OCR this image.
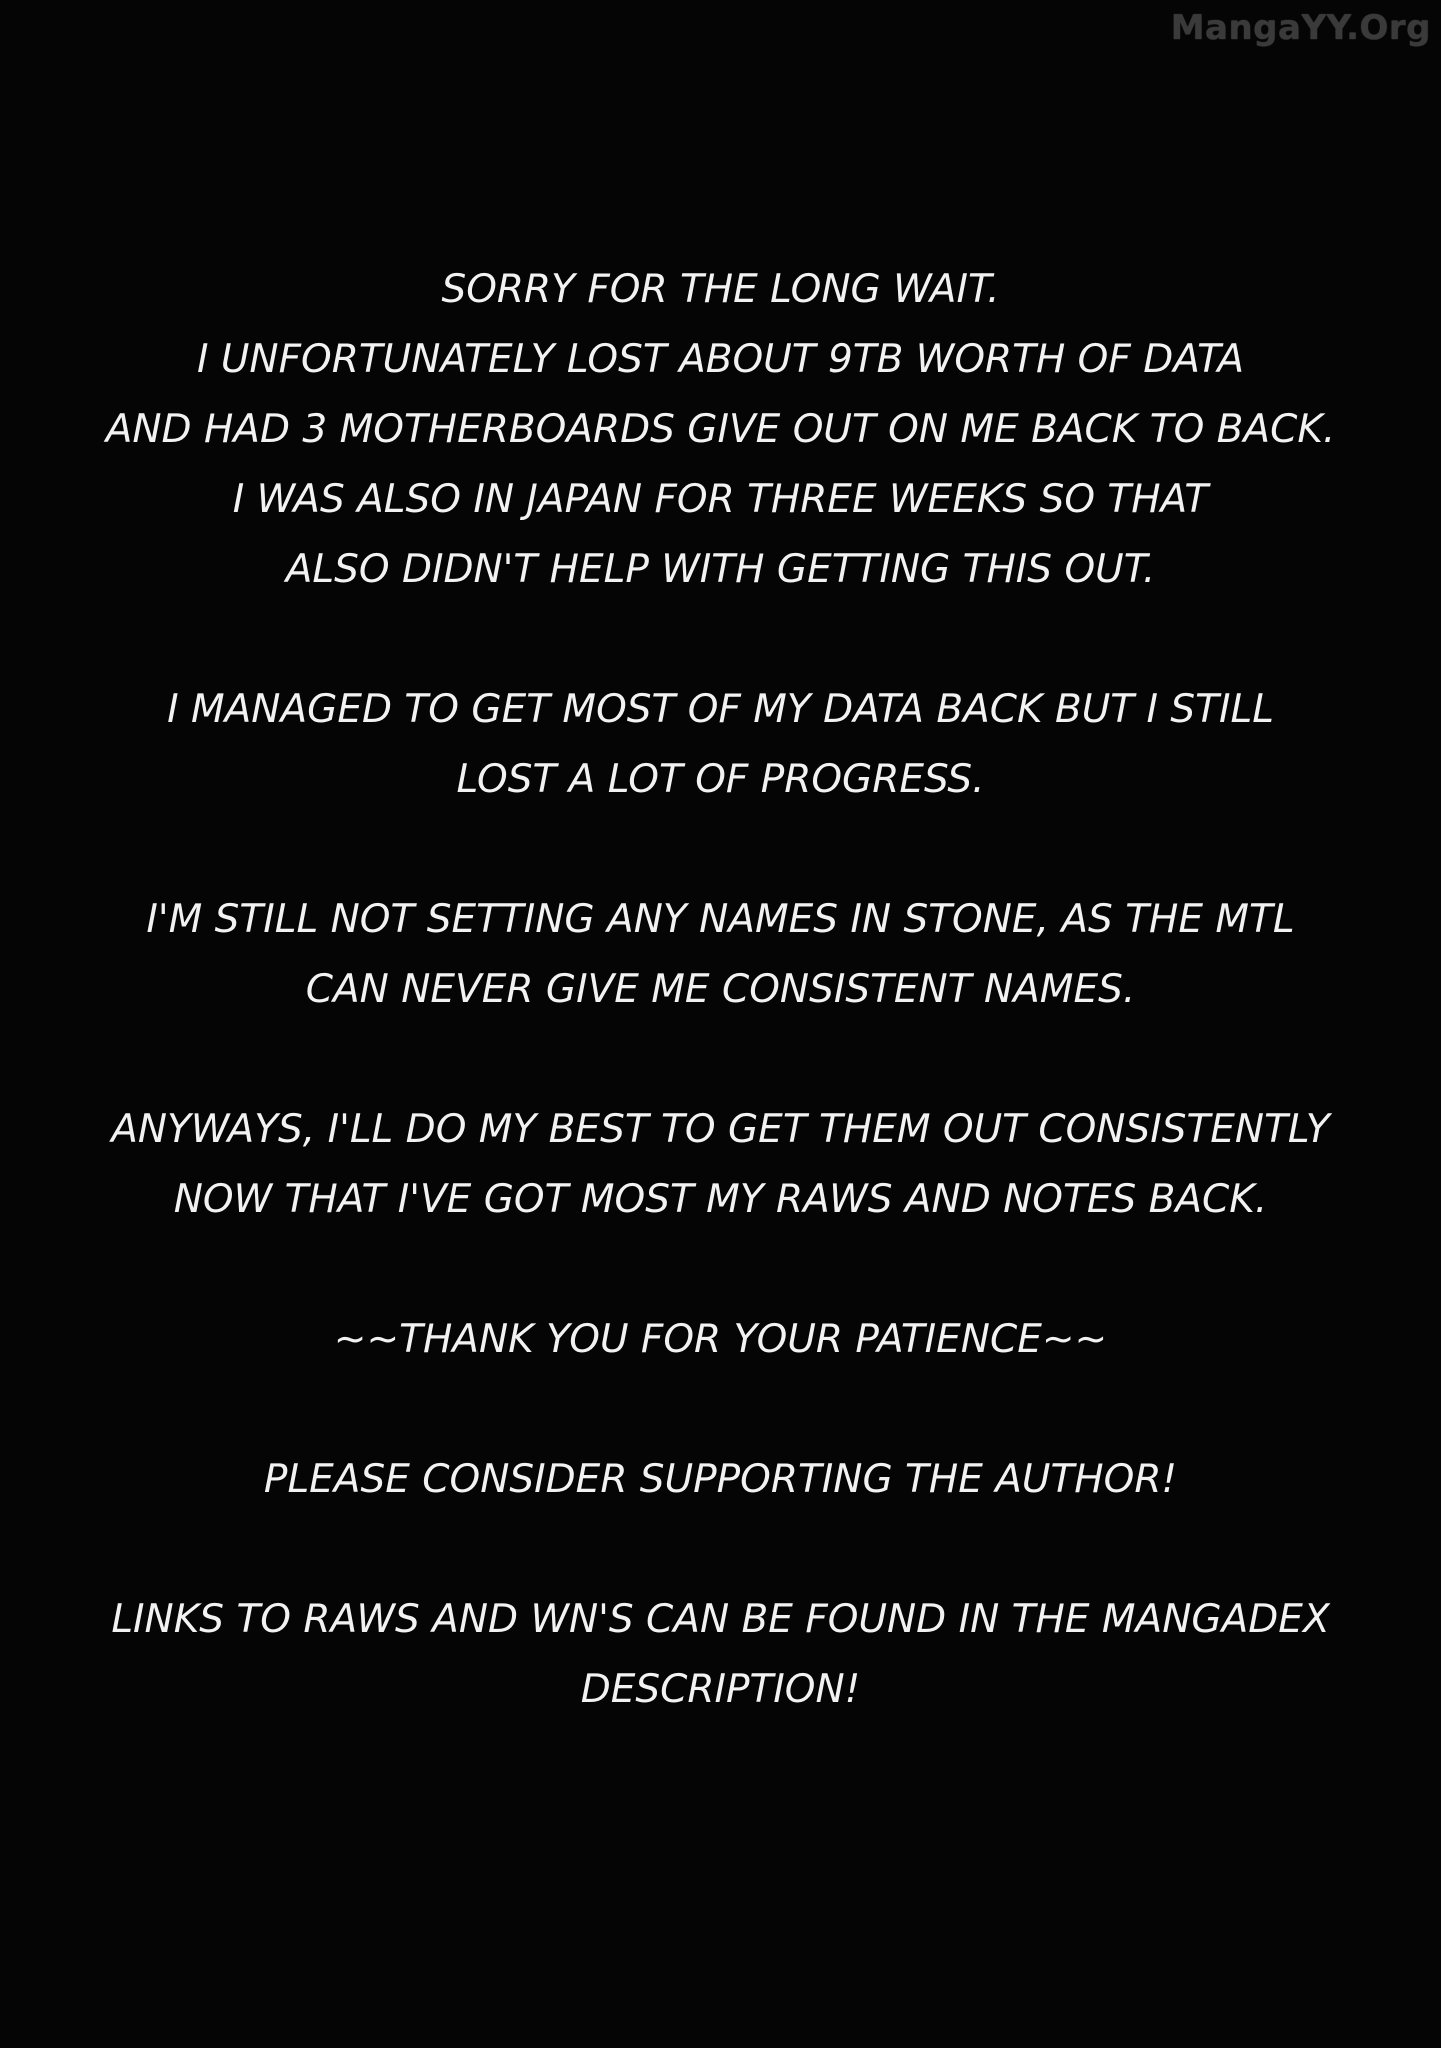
MangaYY.Org
SORRY FOR THE LONG WAIT.
I UNFORTUNATELY LOST ABOUT 9TB WORTH OF DATA
AND HAD 3 MOTHERBOARDS GIVE OUT ON ME BACK TO BACK.
I WAS ALSO IN JAPAN FOR THREE WEEKS SO THAT
ALSO DIDN'T HELP WITH GETTING THIS OUT.
I MANAGED TO GET MOST OF MY DATA BACK BUT I STILL
LOST A LOT OF PROGRESS.
I'M STILL NOT SETTING ANY NAMES IN STONE, AS THE MTL
CAN NEVER GIVE ME CONSISTENT NAMES.
ANYWAYS, I'LL DO MY BEST TO GET THEM OUT CONSISTENTLY
NOW THAT I'VE GOT MOST MY RAWS AND NOTES BACK.
~~THANK YOU FOR YOUR PATIENCE~~
PLEASE CONSIDER SUPPORTING THE AUTHOR!
LINKS TO RAWS AND WN'S CAN BE FOUND IN THE MANGADEX
DESCRIPTION!
